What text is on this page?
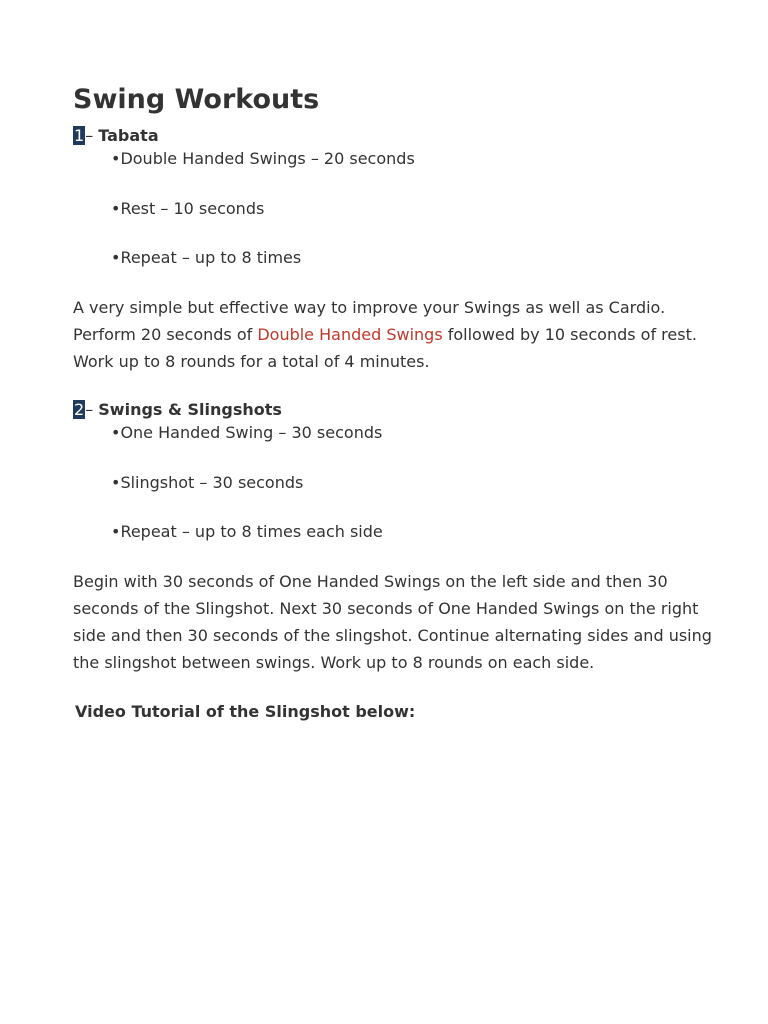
Swing Workouts
1– Tabata
•Double Handed Swings – 20 seconds
•Rest – 10 seconds
•Repeat – up to 8 times

A very simple but effective way to improve your Swings as well as Cardio. Perform 20 seconds of Double Handed Swings followed by 10 seconds of rest. Work up to 8 rounds for a total of 4 minutes.

2– Swings & Slingshots
•One Handed Swing – 30 seconds
•Slingshot – 30 seconds
•Repeat – up to 8 times each side

Begin with 30 seconds of One Handed Swings on the left side and then 30 seconds of the Slingshot. Next 30 seconds of One Handed Swings on the right side and then 30 seconds of the slingshot. Continue alternating sides and using the slingshot between swings. Work up to 8 rounds on each side.

Video Tutorial of the Slingshot below:
